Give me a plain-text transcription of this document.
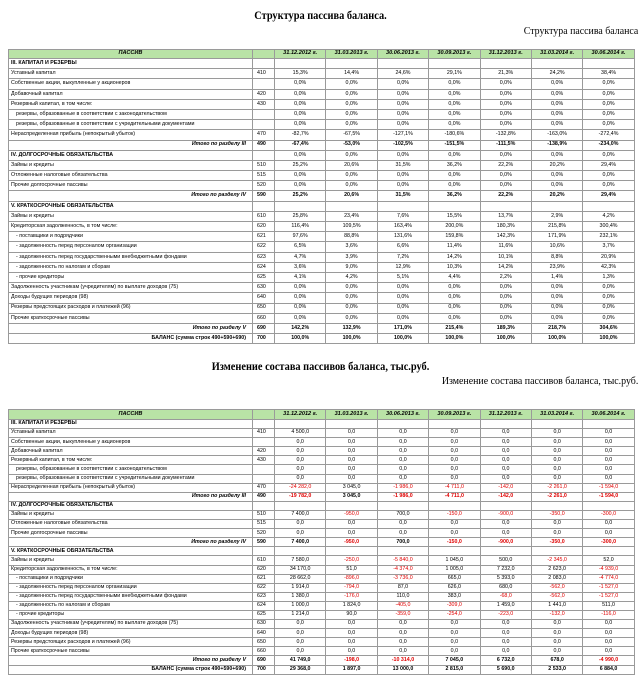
Структура пассива баланса.
Структура пассива баланса
ПАССИВ		31.12.2012 г.	31.03.2013 г.	30.06.2013 г.	30.09.2013 г.	31.12.2013 г.	31.03.2014 г.	30.06.2014 г.
III. КАПИТАЛ И РЕЗЕРВЫ								
Уставный капитал	410	15,3%	14,4%	24,6%	29,1%	21,3%	24,2%	38,4%
Собственные акции, выкупленные у акционеров		0,0%	0,0%	0,0%	0,0%	0,0%	0,0%	0,0%
Добавочный капитал	420	0,0%	0,0%	0,0%	0,0%	0,0%	0,0%	0,0%
Резервный капитал, в том числе:	430	0,0%	0,0%	0,0%	0,0%	0,0%	0,0%	0,0%
резервы, образованные в соответствии с законодательством		0,0%	0,0%	0,0%	0,0%	0,0%	0,0%	0,0%
резервы, образованные в соответствии с учредительными документами		0,0%	0,0%	0,0%	0,0%	0,0%	0,0%	0,0%
Нераспределенная прибыль (непокрытый убыток)	470	-82,7%	-67,5%	-127,1%	-180,6%	-132,8%	-163,0%	-272,4%
Итого по разделу III	490	-67,4%	-53,0%	-102,5%	-151,5%	-111,5%	-138,9%	-234,0%
IV. ДОЛГОСРОЧНЫЕ ОБЯЗАТЕЛЬСТВА		0,0%	0,0%	0,0%	0,0%	0,0%	0,0%	0,0%
Займы и кредиты	510	25,2%	20,6%	31,5%	36,2%	22,2%	20,2%	29,4%
Отложенные налоговые обязательства	515	0,0%	0,0%	0,0%	0,0%	0,0%	0,0%	0,0%
Прочие долгосрочные пассивы	520	0,0%	0,0%	0,0%	0,0%	0,0%	0,0%	0,0%
Итого по разделу IV	590	25,2%	20,6%	31,5%	36,2%	22,2%	20,2%	29,4%
V. КРАТКОСРОЧНЫЕ ОБЯЗАТЕЛЬСТВА								
Займы и кредиты	610	25,8%	23,4%	7,6%	15,5%	13,7%	2,9%	4,2%
Кредиторская задолженность, в том числе:	620	116,4%	109,5%	163,4%	200,0%	180,3%	215,8%	300,4%
- поставщики и подрядчики	621	97,6%	88,8%	131,6%	159,8%	142,3%	171,9%	232,1%
- задолженность перед персоналом организации	622	6,5%	3,6%	6,6%	11,4%	11,6%	10,6%	3,7%
- задолженность перед государственными внебюджетными фондами	623	4,7%	3,9%	7,2%	14,2%	10,1%	8,8%	20,9%
- задолженность по налогам и сборам	624	3,6%	9,0%	12,9%	10,3%	14,2%	23,9%	42,3%
- прочие кредиторы	625	4,1%	4,2%	5,1%	4,4%	2,2%	1,4%	1,3%
Задолженность участникам (учредителям) по выплате доходов (75)	630	0,0%	0,0%	0,0%	0,0%	0,0%	0,0%	0,0%
Доходы будущих периодов (98)	640	0,0%	0,0%	0,0%	0,0%	0,0%	0,0%	0,0%
Резервы предстоящих расходов и платежей (96)	650	0,0%	0,0%	0,0%	0,0%	0,0%	0,0%	0,0%
Прочие краткосрочные пассивы	660	0,0%	0,0%	0,0%	0,0%	0,0%	0,0%	0,0%
Итого по разделу V	690	142,2%	132,9%	171,0%	215,4%	189,3%	218,7%	304,6%
БАЛАНС (сумма строк 490+590+690)	700	100,0%	100,0%	100,0%	100,0%	100,0%	100,0%	100,0%
Изменение состава пассивов баланса, тыс.руб.
Изменение состава пассивов баланса, тыс.руб.
ПАССИВ		31.12.2012 г.	31.03.2013 г.	30.06.2013 г.	30.09.2013 г.	31.12.2013 г.	31.03.2014 г.	30.06.2014 г.
III. КАПИТАЛ И РЕЗЕРВЫ								
Уставный капитал	410	4 500,0	0,0	0,0	0,0	0,0	0,0	0,0
Собственные акции, выкупленные у акционеров		0,0	0,0	0,0	0,0	0,0	0,0	0,0
Добавочный капитал	420	0,0	0,0	0,0	0,0	0,0	0,0	0,0
Резервный капитал, в том числе:	430	0,0	0,0	0,0	0,0	0,0	0,0	0,0
резервы, образованные в соответствии с законодательством		0,0	0,0	0,0	0,0	0,0	0,0	0,0
резервы, образованные в соответствии с учредительными документами		0,0	0,0	0,0	0,0	0,0	0,0	0,0
Нераспределенная прибыль (непокрытый убыток)	470	-24 282,0	3 045,0	-1 986,0	-4 711,0	-142,0	-2 261,0	-1 594,0
Итого по разделу III	490	-19 782,0	3 045,0	-1 986,0	-4 711,0	-142,0	-2 261,0	-1 594,0
IV. ДОЛГОСРОЧНЫЕ ОБЯЗАТЕЛЬСТВА								
Займы и кредиты	510	7 400,0	-950,0	700,0	-150,0	-900,0	-350,0	-300,0
Отложенные налоговые обязательства	515	0,0	0,0	0,0	0,0	0,0	0,0	0,0
Прочие долгосрочные пассивы	520	0,0	0,0	0,0	0,0	0,0	0,0	0,0
Итого по разделу IV	590	7 400,0	-950,0	700,0	-150,0	-900,0	-350,0	-300,0
V. КРАТКОСРОЧНЫЕ ОБЯЗАТЕЛЬСТВА								
Займы и кредиты	610	7 580,0	-250,0	-5 840,0	1 045,0	500,0	-2 345,0	52,0
Кредиторская задолженность, в том числе:	620	34 170,0	51,0	-4 374,0	1 005,0	7 232,0	2 623,0	-4 939,0
- поставщики и подрядчики	621	28 662,0	-896,0	-3 736,0	665,0	5 393,0	2 083,0	-4 774,0
- задолженность перед персоналом организации	622	1 914,0	-794,0	87,0	626,0	680,0	-562,0	-1 527,0
- задолженность перед государственными внебюджетными фондами	623	1 380,0	-176,0	110,0	383,0	-68,0	-562,0	-1 527,0
- задолженность по налогам и сборам	624	1 000,0	1 824,0	-405,0	-309,0	1 459,0	1 441,0	511,0
- прочие кредиторы	625	1 214,0	90,0	-359,0	-254,0	-223,0	-132,0	-116,0
Задолженность участникам (учредителям) по выплате доходов (75)	630	0,0	0,0	0,0	0,0	0,0	0,0	0,0
Доходы будущих периодов (98)	640	0,0	0,0	0,0	0,0	0,0	0,0	0,0
Резервы предстоящих расходов и платежей (96)	650	0,0	0,0	0,0	0,0	0,0	0,0	0,0
Прочие краткосрочные пассивы	660	0,0	0,0	0,0	0,0	0,0	0,0	0,0
Итого по разделу V	690	41 749,0	-198,0	-10 314,0	7 045,0	6 732,0	678,0	-4 990,0
БАЛАНС (сумма строк 490+590+690)	700	29 368,0	1 897,0	13 000,0	2 815,0	5 690,0	2 533,0	6 884,0
